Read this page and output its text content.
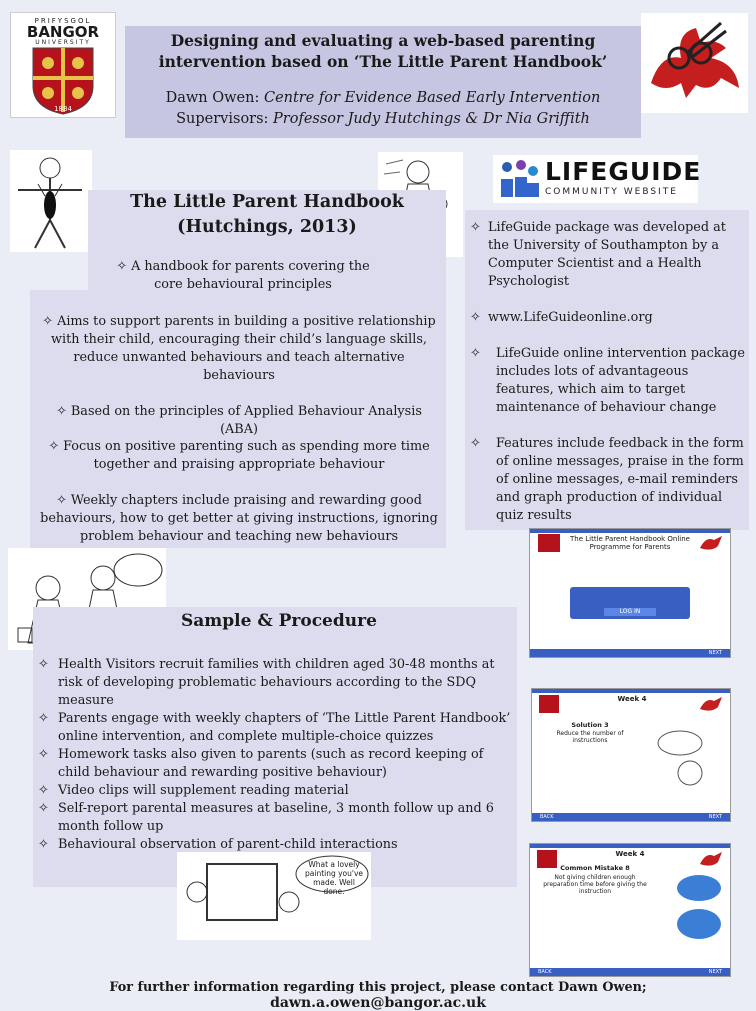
Designing and evaluating a web-based parenting intervention based on ‘The Little Parent Handbook’
Dawn Owen: Centre for Evidence Based Early Intervention
Supervisors: Professor Judy Hutchings & Dr Nia Griffith
PRIFYSGOL
BANGOR
UNIVERSITY
1884
LIFEGUIDE
COMMUNITY WEBSITE
The Little Parent Handbook
(Hutchings, 2013)
✧ A handbook for parents covering the core behavioural principles
✧ Aims to support parents in building a positive relationship with their child, encouraging their child’s language skills, reduce unwanted behaviours and teach alternative behaviours
✧ Based on the principles of Applied Behaviour Analysis (ABA)
✧ Focus on positive parenting such as spending more time together and praising appropriate behaviour
✧ Weekly chapters include praising and rewarding good behaviours, how to get better at giving instructions, ignoring problem behaviour and teaching new behaviours
✧ LifeGuide package was developed at the University of Southampton by a Computer Scientist and a Health Psychologist
✧ www.LifeGuideonline.org
✧	LifeGuide online intervention package includes lots of advantageous features, which aim to target maintenance of behaviour change
✧	Features include feedback in the form of online messages, praise in the form of online messages, e-mail reminders and graph production of individual quiz results
Sample & Procedure
✧ Health Visitors recruit families with children aged 30-48 months at risk of developing problematic behaviours according to the SDQ measure
✧ Parents engage with weekly chapters of ‘The Little Parent Handbook’ online intervention, and complete multiple-choice quizzes
✧ Homework tasks also given to parents (such as record keeping of child behaviour and rewarding positive behaviour)
✧ Video clips will supplement reading material
✧ Self-report parental measures at baseline, 3 month follow up and 6 month follow up
✧ Behavioural observation of parent-child interactions
What a lovely painting you've made. Well done.
The Little Parent Handbook Online Programme for Parents
LOG IN
NEXT
Week 4
Solution 3
Reduce the number of instructions
BACK	NEXT
Week 4
Common Mistake 8
Not giving children enough preparation time before giving the instruction
BACK	NEXT
For further information regarding this project, please contact Dawn Owen; dawn.a.owen@bangor.ac.uk
